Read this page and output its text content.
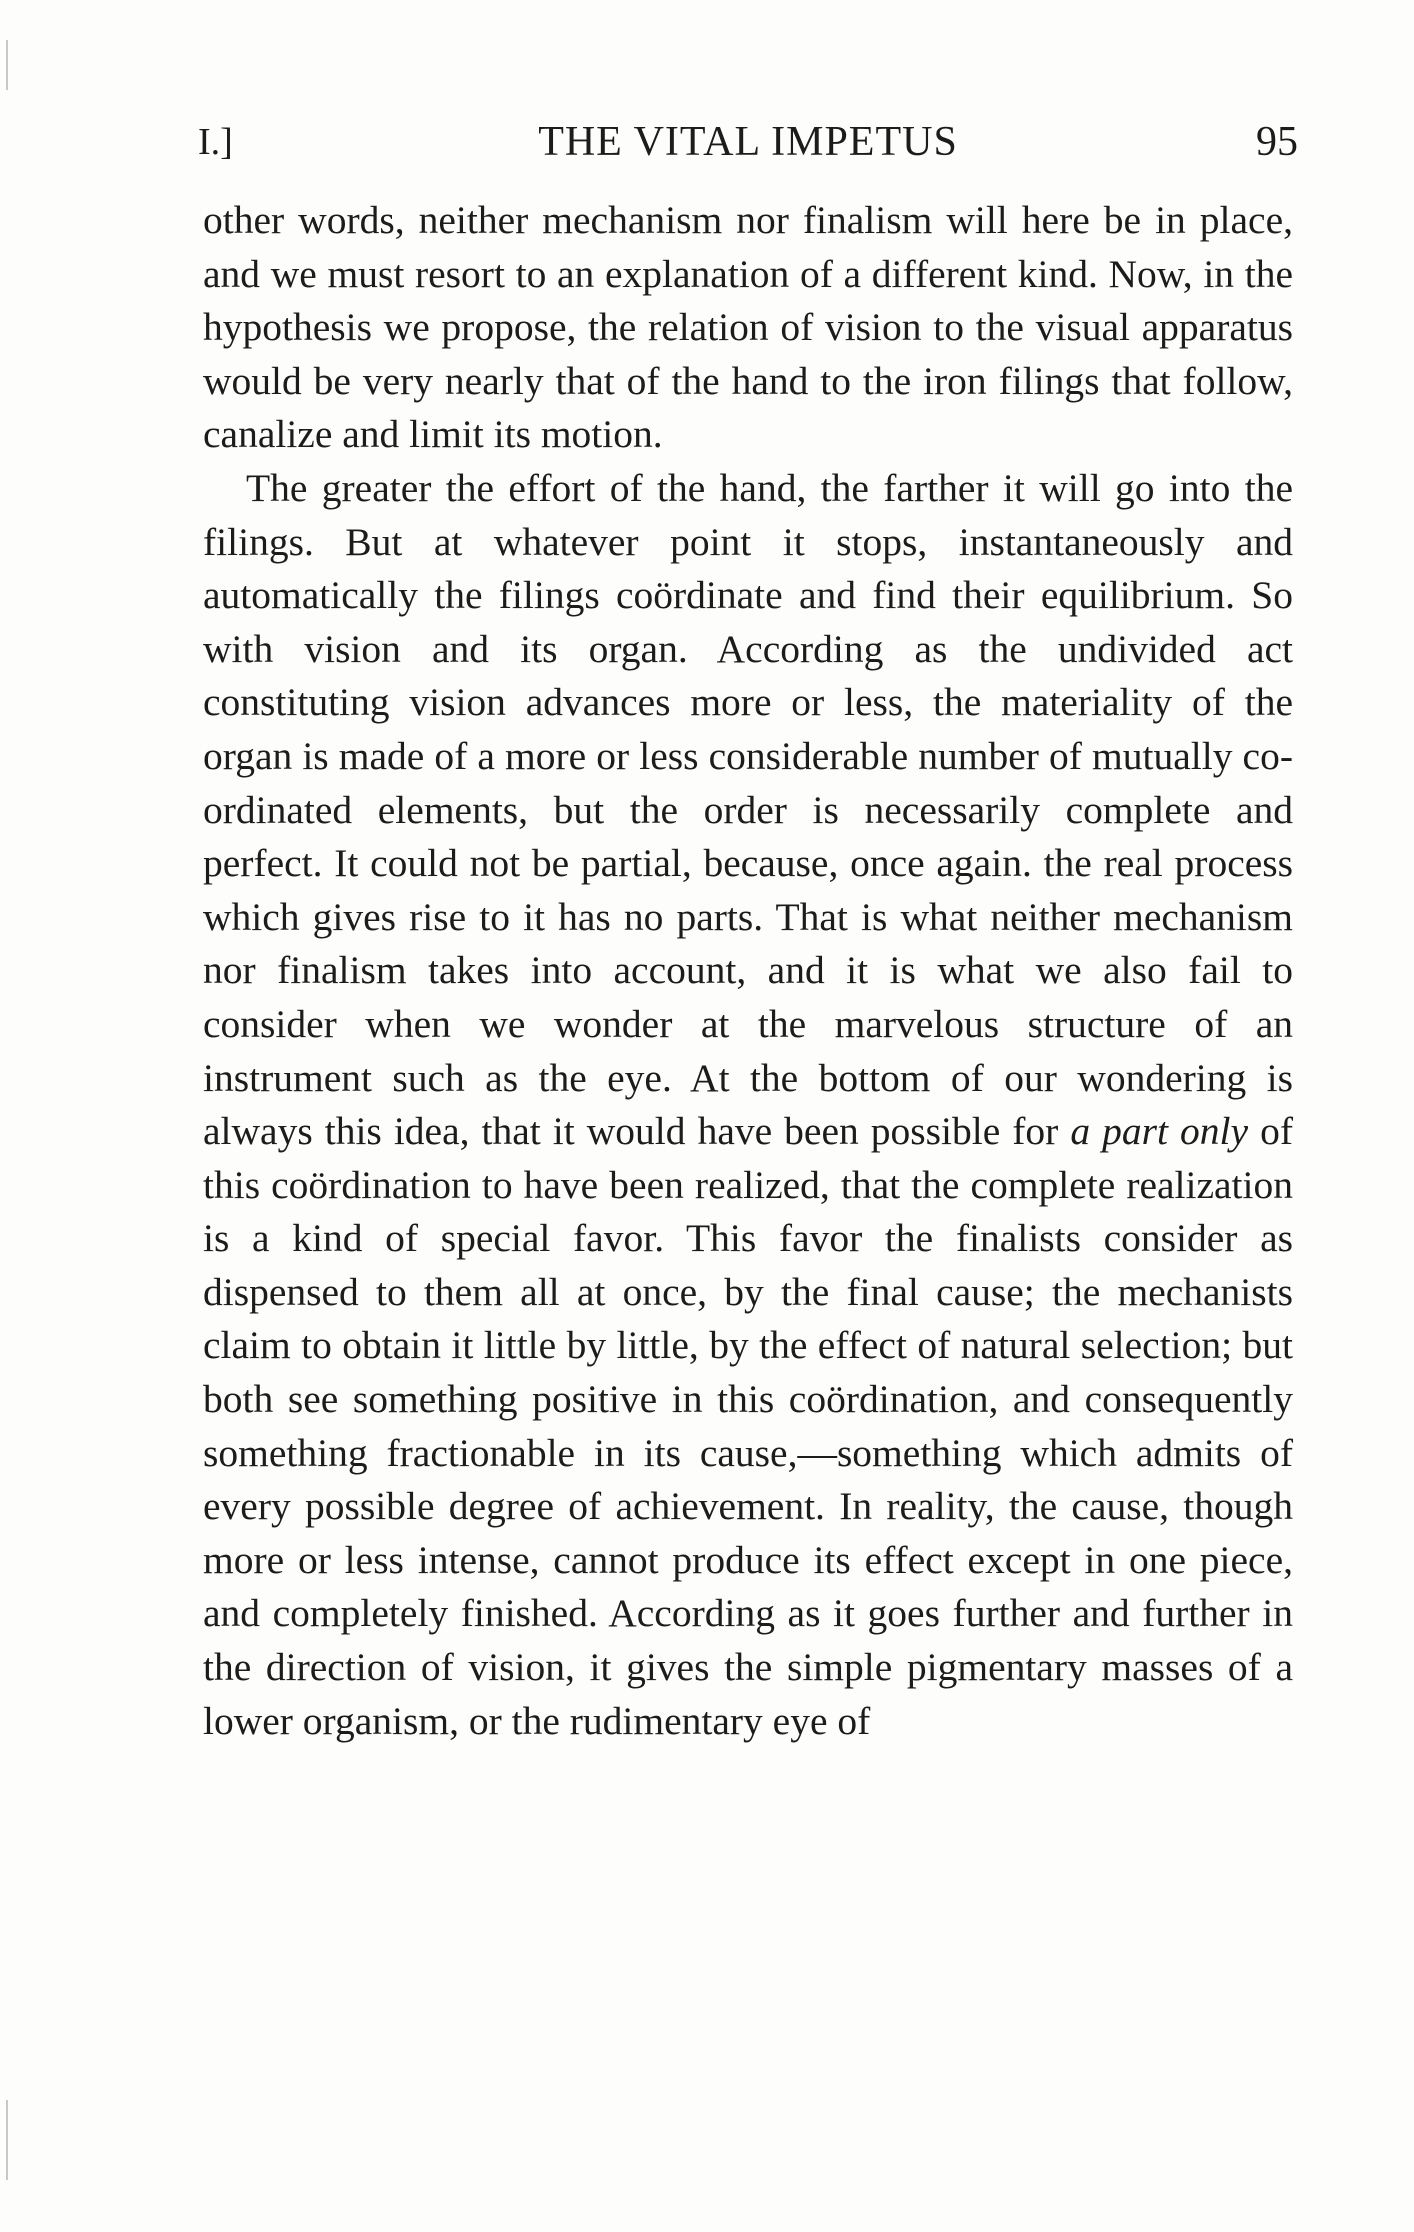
I.]	THE VITAL IMPETUS	95

other words, neither mechanism nor finalism will here be in place, and we must resort to an explanation of a different kind. Now, in the hypothesis we propose, the relation of vision to the visual apparatus would be very nearly that of the hand to the iron filings that follow, canalize and limit its motion.

The greater the effort of the hand, the farther it will go into the filings. But at whatever point it stops, instantaneously and automatically the filings coördinate and find their equilibrium. So with vision and its organ. According as the undivided act constituting vision advances more or less, the materiality of the organ is made of a more or less considerable number of mutually coordinated elements, but the order is necessarily complete and perfect. It could not be partial, because, once again. the real process which gives rise to it has no parts. That is what neither mechanism nor finalism takes into account, and it is what we also fail to consider when we wonder at the marvelous structure of an instrument such as the eye. At the bottom of our wondering is always this idea, that it would have been possible for a part only of this coördination to have been realized, that the complete realization is a kind of special favor. This favor the finalists consider as dispensed to them all at once, by the final cause; the mechanists claim to obtain it little by little, by the effect of natural selection; but both see something positive in this coördination, and consequently something fractionable in its cause,—something which admits of every possible degree of achievement. In reality, the cause, though more or less intense, cannot produce its effect except in one piece, and completely finished. According as it goes further and further in the direction of vision, it gives the simple pigmentary masses of a lower organism, or the rudimentary eye of
